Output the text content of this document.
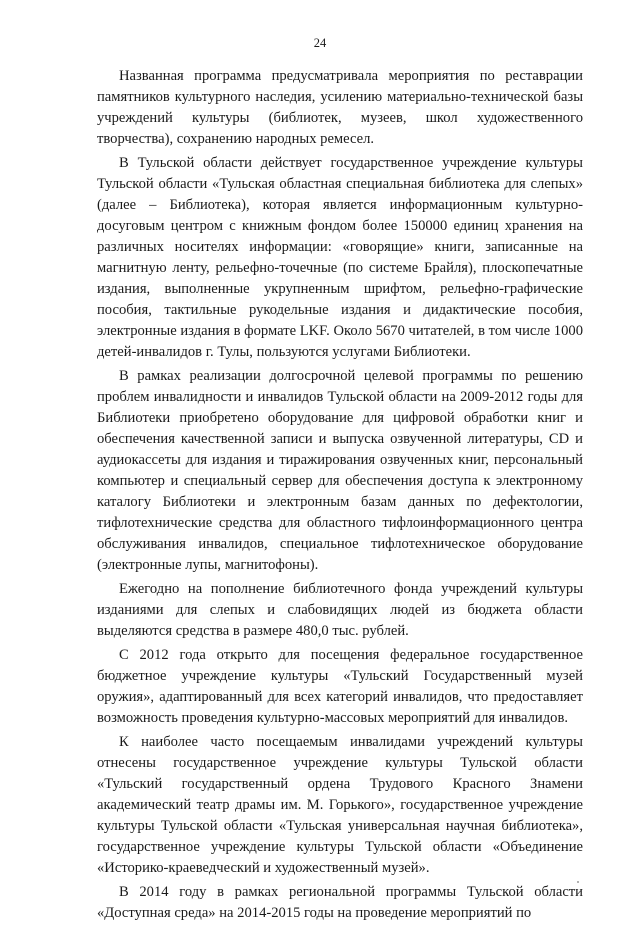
24

Названная программа предусматривала мероприятия по реставрации памятников культурного наследия, усилению материально-технической базы учреждений культуры (библиотек, музеев, школ художественного творчества), сохранению народных ремесел.

В Тульской области действует государственное учреждение культуры Тульской области «Тульская областная специальная библиотека для слепых» (далее – Библиотека), которая является информационным культурно-досуговым центром с книжным фондом более 150000 единиц хранения на различных носителях информации: «говорящие» книги, записанные на магнитную ленту, рельефно-точечные (по системе Брайля), плоскопечатные издания, выполненные укрупненным шрифтом, рельефно-графические пособия, тактильные рукодельные издания и дидактические пособия, электронные издания в формате LKF. Около 5670 читателей, в том числе 1000 детей-инвалидов г. Тулы, пользуются услугами Библиотеки.

В рамках реализации долгосрочной целевой программы по решению проблем инвалидности и инвалидов Тульской области на 2009-2012 годы для Библиотеки приобретено оборудование для цифровой обработки книг и обеспечения качественной записи и выпуска озвученной литературы, CD и аудиокассеты для издания и тиражирования озвученных книг, персональный компьютер и специальный сервер для обеспечения доступа к электронному каталогу Библиотеки и электронным базам данных по дефектологии, тифлотехнические средства для областного тифлоинформационного центра обслуживания инвалидов, специальное тифлотехническое оборудование (электронные лупы, магнитофоны).

Ежегодно на пополнение библиотечного фонда учреждений культуры изданиями для слепых и слабовидящих людей из бюджета области выделяются средства в размере 480,0 тыс. рублей.

С 2012 года открыто для посещения федеральное государственное бюджетное учреждение культуры «Тульский Государственный музей оружия», адаптированный для всех категорий инвалидов, что предоставляет возможность проведения культурно-массовых мероприятий для инвалидов.

К наиболее часто посещаемым инвалидами учреждений культуры отнесены государственное учреждение культуры Тульской области «Тульский государственный ордена Трудового Красного Знамени академический театр драмы им. М. Горького», государственное учреждение культуры Тульской области «Тульская универсальная научная библиотека», государственное учреждение культуры Тульской области «Объединение «Историко-краеведческий и художественный музей».

В 2014 году в рамках региональной программы Тульской области «Доступная среда» на 2014-2015 годы на проведение мероприятий по
